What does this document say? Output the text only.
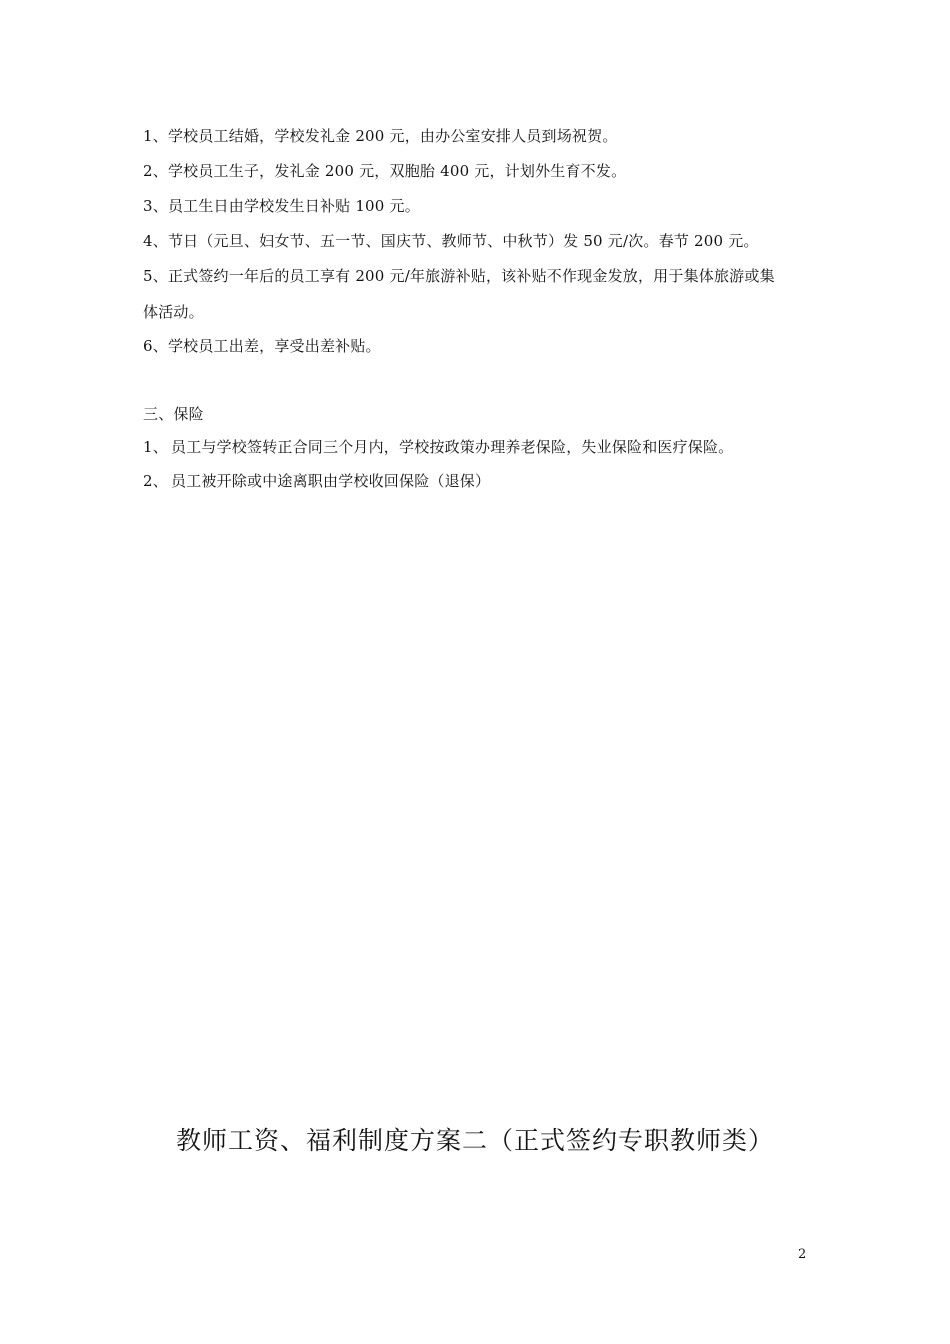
1、学校员工结婚，学校发礼金 200 元，由办公室安排人员到场祝贺。
2、学校员工生子，发礼金 200 元，双胞胎 400 元，计划外生育不发。
3、员工生日由学校发生日补贴 100 元。
4、节日（元旦、妇女节、五一节、国庆节、教师节、中秋节）发 50 元/次。春节 200 元。
5、正式签约一年后的员工享有 200 元/年旅游补贴，该补贴不作现金发放，用于集体旅游或集
体活动。
6、学校员工出差，享受出差补贴。
三、保险
1、 员工与学校签转正合同三个月内，学校按政策办理养老保险，失业保险和医疗保险。
2、 员工被开除或中途离职由学校收回保险（退保）
教师工资、福利制度方案二（正式签约专职教师类）
2
